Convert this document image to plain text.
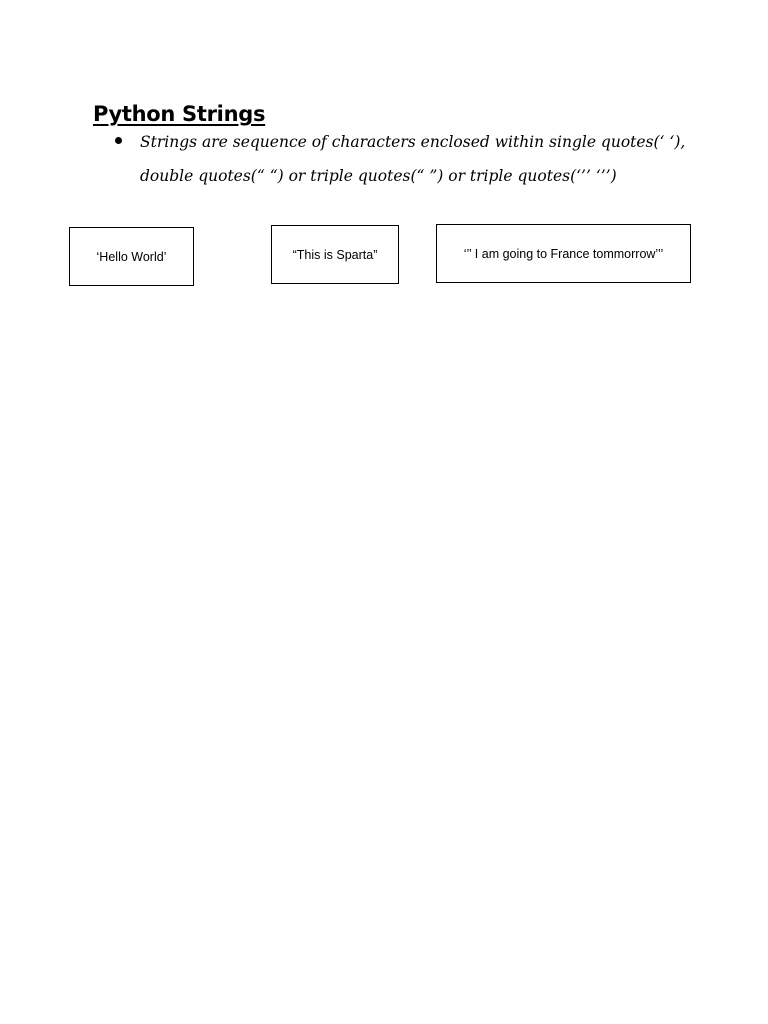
Python Strings
Strings are sequence of characters enclosed within single quotes(‘ ‘),
double quotes(“ “) or triple quotes(“ ”) or triple quotes(‘’’ ‘’’)
‘Hello World’	“This is Sparta”	‘’’ I am going to France tommorrow’’’
